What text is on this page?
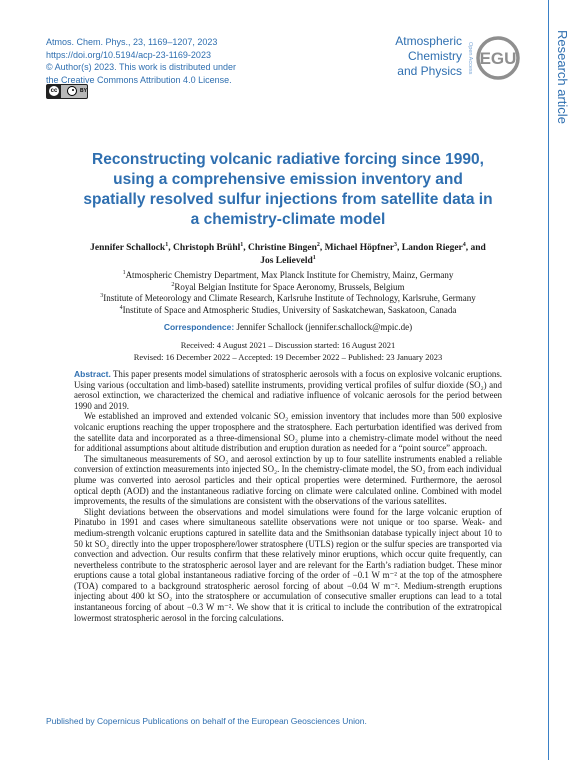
Atmos. Chem. Phys., 23, 1169–1207, 2023
https://doi.org/10.5194/acp-23-1169-2023
© Author(s) 2023. This work is distributed under
the Creative Commons Attribution 4.0 License.
cc	BY
Atmospheric
Chemistry
and Physics Open Access EGU	Research article
Reconstructing volcanic radiative forcing since 1990, using a comprehensive emission inventory and spatially resolved sulfur injections from satellite data in a chemistry-climate model
Jennifer Schallock$^1$, Christoph Brühl$^1$, Christine Bingen$^2$, Michael Höpfner$^3$, Landon Rieger$^4$, and
Jos Lelieveld$^1$
$^1$Atmospheric Chemistry Department, Max Planck Institute for Chemistry, Mainz, Germany
$^2$Royal Belgian Institute for Space Aeronomy, Brussels, Belgium
$^3$Institute of Meteorology and Climate Research, Karlsruhe Institute of Technology, Karlsruhe, Germany
$^4$Institute of Space and Atmospheric Studies, University of Saskatchewan, Saskatoon, Canada
Correspondence: Jennifer Schallock (jennifer.schallock@mpic.de)
Received: 4 August 2021 – Discussion started: 16 August 2021
Revised: 16 December 2022 – Accepted: 19 December 2022 – Published: 23 January 2023

Abstract. This paper presents model simulations of stratospheric aerosols with a focus on explosive volcanic eruptions. Using various (occultation and limb-based) satellite instruments, providing vertical profiles of sulfur dioxide (SO₂) and aerosol extinction, we characterized the chemical and radiative influence of volcanic aerosols for the period between 1990 and 2019.

We established an improved and extended volcanic SO₂ emission inventory that includes more than 500 explosive volcanic eruptions reaching the upper troposphere and the stratosphere. Each perturbation identified was derived from the satellite data and incorporated as a three-dimensional SO₂ plume into a chemistry-climate model without the need for additional assumptions about altitude distribution and eruption duration as needed for a “point source” approach.

The simultaneous measurements of SO₂ and aerosol extinction by up to four satellite instruments enabled a reliable conversion of extinction measurements into injected SO₂. In the chemistry-climate model, the SO₂ from each individual plume was converted into aerosol particles and their optical properties were determined. Furthermore, the aerosol optical depth (AOD) and the instantaneous radiative forcing on climate were calculated online. Combined with model improvements, the results of the simulations are consistent with the observations of the various satellites.

Slight deviations between the observations and model simulations were found for the large volcanic eruption of Pinatubo in 1991 and cases where simultaneous satellite observations were not unique or too sparse. Weak- and medium-strength volcanic eruptions captured in satellite data and the Smithsonian database typically inject about 10 to 50 kt SO₂ directly into the upper troposphere/lower stratosphere (UTLS) region or the sulfur species are transported via convection and advection. Our results confirm that these relatively minor eruptions, which occur quite frequently, can nevertheless contribute to the stratospheric aerosol layer and are relevant for the Earth’s radiation budget. These minor eruptions cause a total global instantaneous radiative forcing of the order of −0.1 W m⁻² at the top of the atmosphere (TOA) compared to a background stratospheric aerosol forcing of about −0.04 W m⁻². Medium-strength eruptions injecting about 400 kt SO₂ into the stratosphere or accumulation of consecutive smaller eruptions can lead to a total instantaneous forcing of about −0.3 W m⁻². We show that it is critical to include the contribution of the extratropical lowermost stratospheric aerosol in the forcing calculations.

Published by Copernicus Publications on behalf of the European Geosciences Union.
